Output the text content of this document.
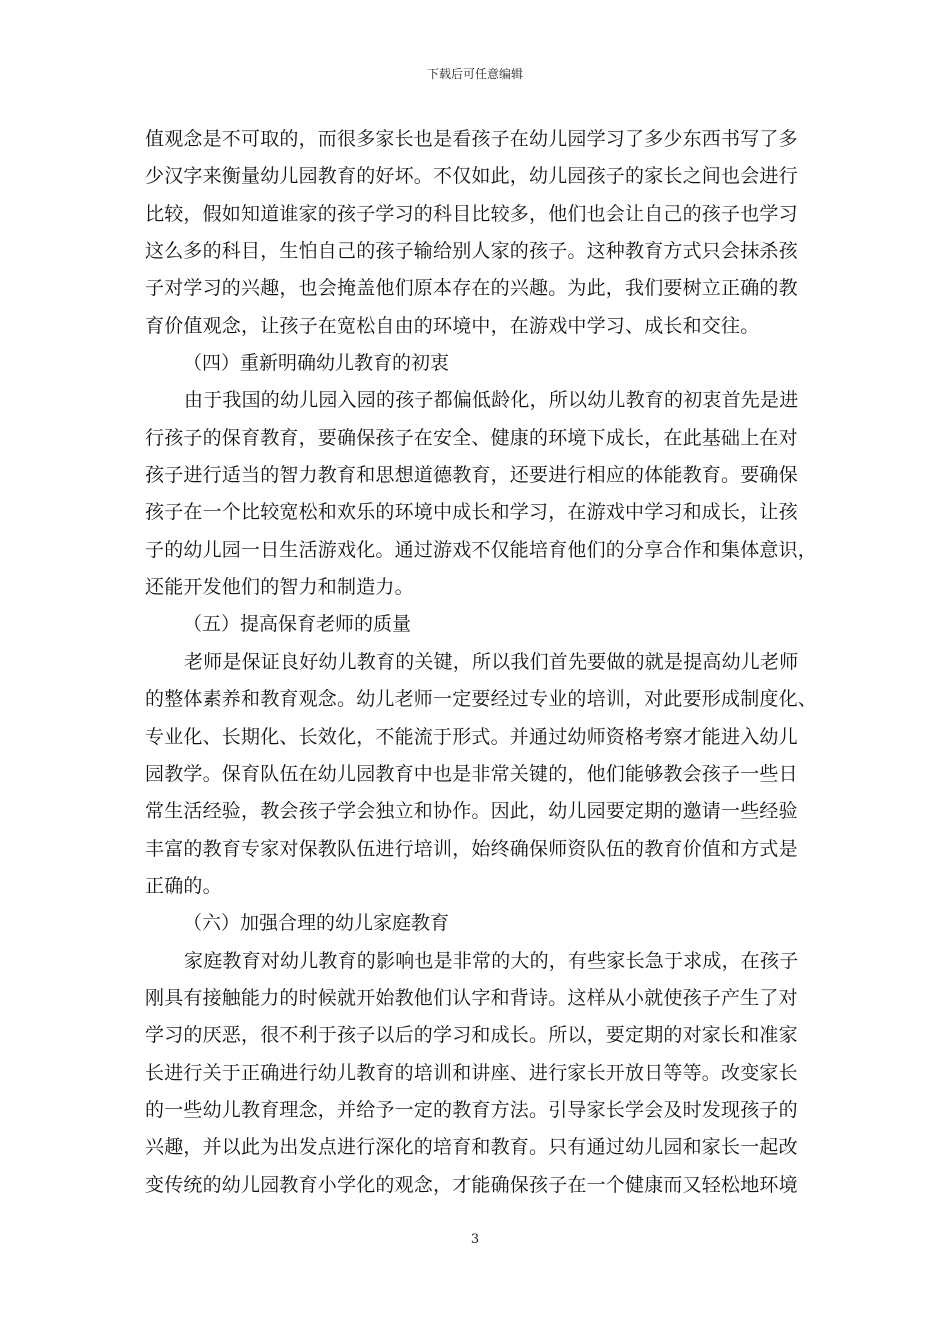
下载后可任意编辑
值观念是不可取的，而很多家长也是看孩子在幼儿园学习了多少东西书写了多
少汉字来衡量幼儿园教育的好坏。不仅如此，幼儿园孩子的家长之间也会进行
比较，假如知道谁家的孩子学习的科目比较多，他们也会让自己的孩子也学习
这么多的科目，生怕自己的孩子输给别人家的孩子。这种教育方式只会抹杀孩
子对学习的兴趣，也会掩盖他们原本存在的兴趣。为此，我们要树立正确的教
育价值观念，让孩子在宽松自由的环境中，在游戏中学习、成长和交往。
（四）重新明确幼儿教育的初衷
由于我国的幼儿园入园的孩子都偏低龄化，所以幼儿教育的初衷首先是进
行孩子的保育教育，要确保孩子在安全、健康的环境下成长，在此基础上在对
孩子进行适当的智力教育和思想道德教育，还要进行相应的体能教育。要确保
孩子在一个比较宽松和欢乐的环境中成长和学习，在游戏中学习和成长，让孩
子的幼儿园一日生活游戏化。通过游戏不仅能培育他们的分享合作和集体意识，
还能开发他们的智力和制造力。
（五）提高保育老师的质量
老师是保证良好幼儿教育的关键，所以我们首先要做的就是提高幼儿老师
的整体素养和教育观念。幼儿老师一定要经过专业的培训，对此要形成制度化、
专业化、长期化、长效化，不能流于形式。并通过幼师资格考察才能进入幼儿
园教学。保育队伍在幼儿园教育中也是非常关键的，他们能够教会孩子一些日
常生活经验，教会孩子学会独立和协作。因此，幼儿园要定期的邀请一些经验
丰富的教育专家对保教队伍进行培训，始终确保师资队伍的教育价值和方式是
正确的。
（六）加强合理的幼儿家庭教育
家庭教育对幼儿教育的影响也是非常的大的，有些家长急于求成，在孩子
刚具有接触能力的时候就开始教他们认字和背诗。这样从小就使孩子产生了对
学习的厌恶，很不利于孩子以后的学习和成长。所以，要定期的对家长和准家
长进行关于正确进行幼儿教育的培训和讲座、进行家长开放日等等。改变家长
的一些幼儿教育理念，并给予一定的教育方法。引导家长学会及时发现孩子的
兴趣，并以此为出发点进行深化的培育和教育。只有通过幼儿园和家长一起改
变传统的幼儿园教育小学化的观念，才能确保孩子在一个健康而又轻松地环境
3
